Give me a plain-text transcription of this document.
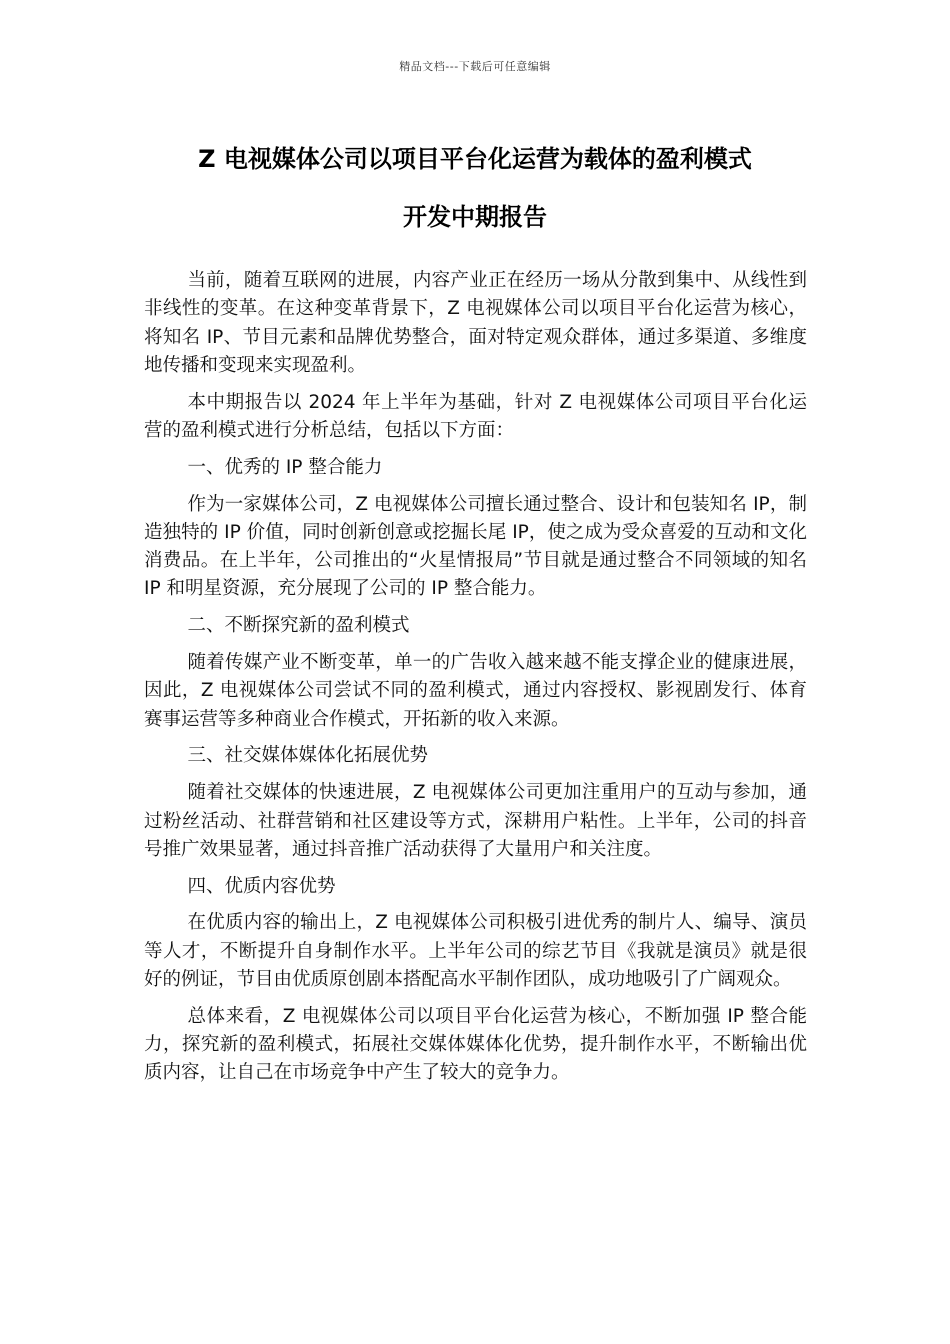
精品文档---下载后可任意编辑
Z 电视媒体公司以项目平台化运营为载体的盈利模式
开发中期报告

当前，随着互联网的进展，内容产业正在经历一场从分散到集中、从线性到非线性的变革。在这种变革背景下，Z 电视媒体公司以项目平台化运营为核心，将知名 IP、节目元素和品牌优势整合，面对特定观众群体，通过多渠道、多维度地传播和变现来实现盈利。

本中期报告以 2024 年上半年为基础，针对 Z 电视媒体公司项目平台化运营的盈利模式进行分析总结，包括以下方面：

一、优秀的 IP 整合能力

作为一家媒体公司，Z 电视媒体公司擅长通过整合、设计和包装知名 IP，制造独特的 IP 价值，同时创新创意或挖掘长尾 IP，使之成为受众喜爱的互动和文化消费品。在上半年，公司推出的“火星情报局”节目就是通过整合不同领域的知名 IP 和明星资源，充分展现了公司的 IP 整合能力。

二、不断探究新的盈利模式

随着传媒产业不断变革，单一的广告收入越来越不能支撑企业的健康进展，因此，Z 电视媒体公司尝试不同的盈利模式，通过内容授权、影视剧发行、体育赛事运营等多种商业合作模式，开拓新的收入来源。

三、社交媒体媒体化拓展优势

随着社交媒体的快速进展，Z 电视媒体公司更加注重用户的互动与参加，通过粉丝活动、社群营销和社区建设等方式，深耕用户粘性。上半年，公司的抖音号推广效果显著，通过抖音推广活动获得了大量用户和关注度。

四、优质内容优势

在优质内容的输出上，Z 电视媒体公司积极引进优秀的制片人、编导、演员等人才，不断提升自身制作水平。上半年公司的综艺节目《我就是演员》就是很好的例证，节目由优质原创剧本搭配高水平制作团队，成功地吸引了广阔观众。

总体来看，Z 电视媒体公司以项目平台化运营为核心，不断加强 IP 整合能力，探究新的盈利模式，拓展社交媒体媒体化优势，提升制作水平，不断输出优质内容，让自己在市场竞争中产生了较大的竞争力。
